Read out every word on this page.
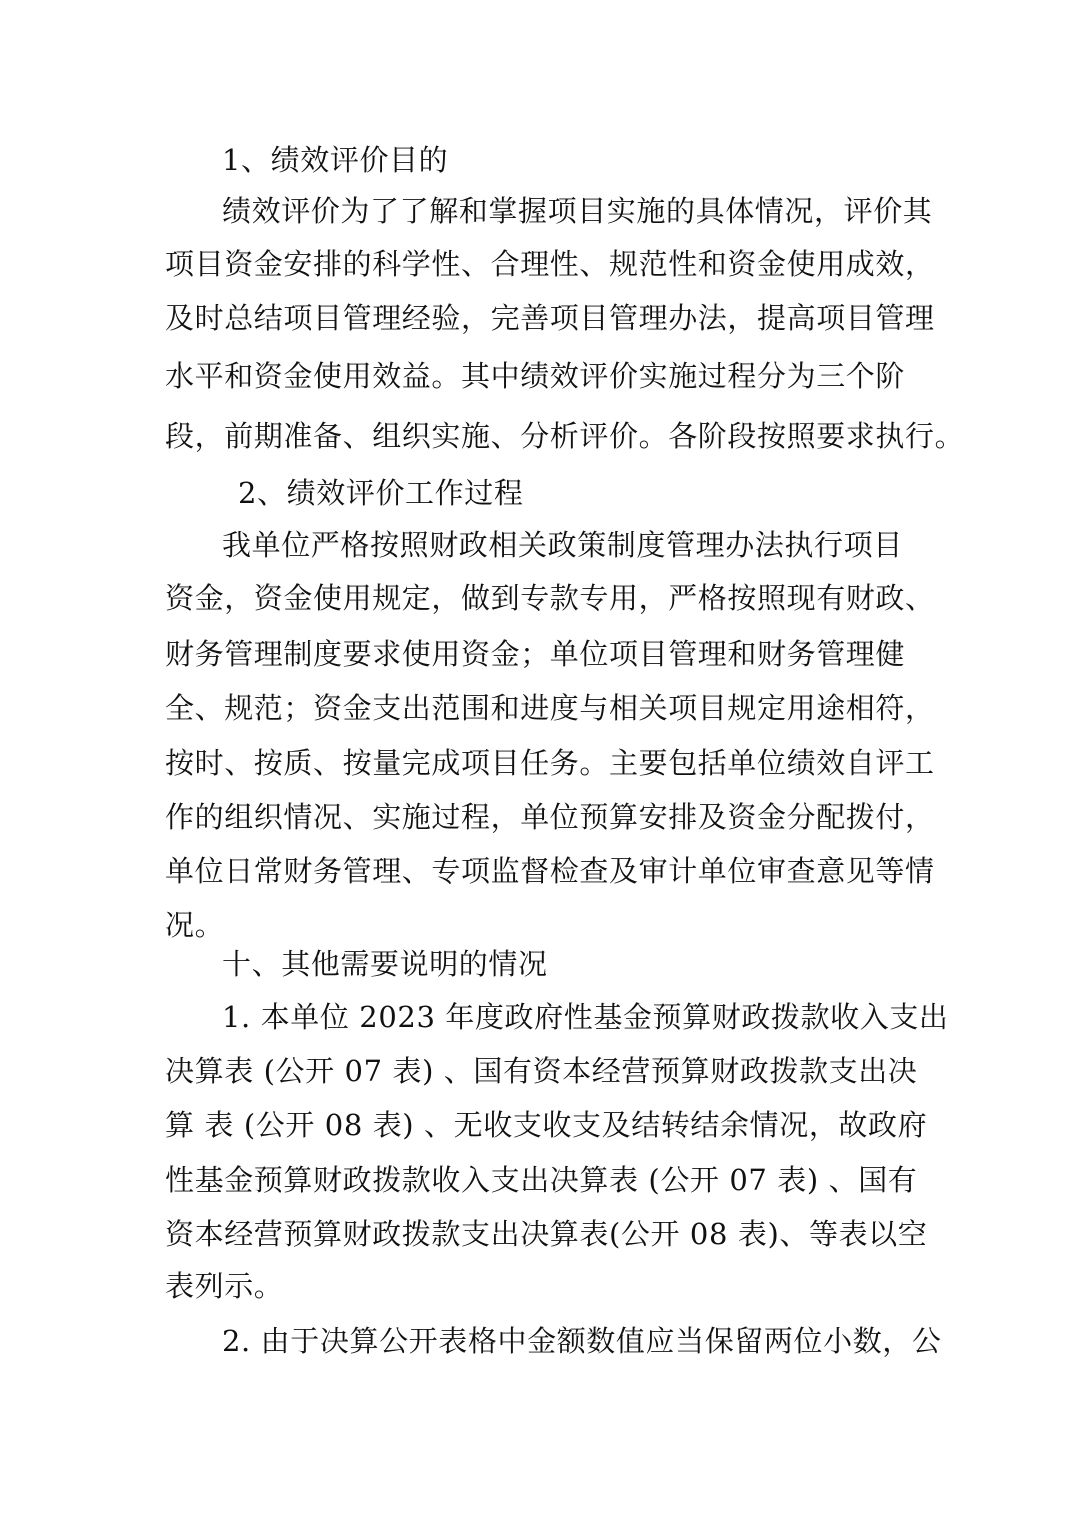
1、绩效评价目的
绩效评价为了了解和掌握项目实施的具体情况，评价其
项目资金安排的科学性、合理性、规范性和资金使用成效，
及时总结项目管理经验，完善项目管理办法，提高项目管理
水平和资金使用效益。其中绩效评价实施过程分为三个阶
段，前期准备、组织实施、分析评价。各阶段按照要求执行。
2、绩效评价工作过程
我单位严格按照财政相关政策制度管理办法执行项目
资金，资金使用规定，做到专款专用，严格按照现有财政、
财务管理制度要求使用资金；单位项目管理和财务管理健
全、规范；资金支出范围和进度与相关项目规定用途相符，
按时、按质、按量完成项目任务。主要包括单位绩效自评工
作的组织情况、实施过程，单位预算安排及资金分配拨付，
单位日常财务管理、专项监督检查及审计单位审查意见等情
况。
十、其他需要说明的情况
1. 本单位 2023 年度政府性基金预算财政拨款收入支出
决算表 (公开 07 表) 、国有资本经营预算财政拨款支出决
算 表 (公开 08 表) 、无收支收支及结转结余情况，故政府
性基金预算财政拨款收入支出决算表 (公开 07 表) 、国有
资本经营预算财政拨款支出决算表(公开 08 表)、等表以空
表列示。
2. 由于决算公开表格中金额数值应当保留两位小数，公
